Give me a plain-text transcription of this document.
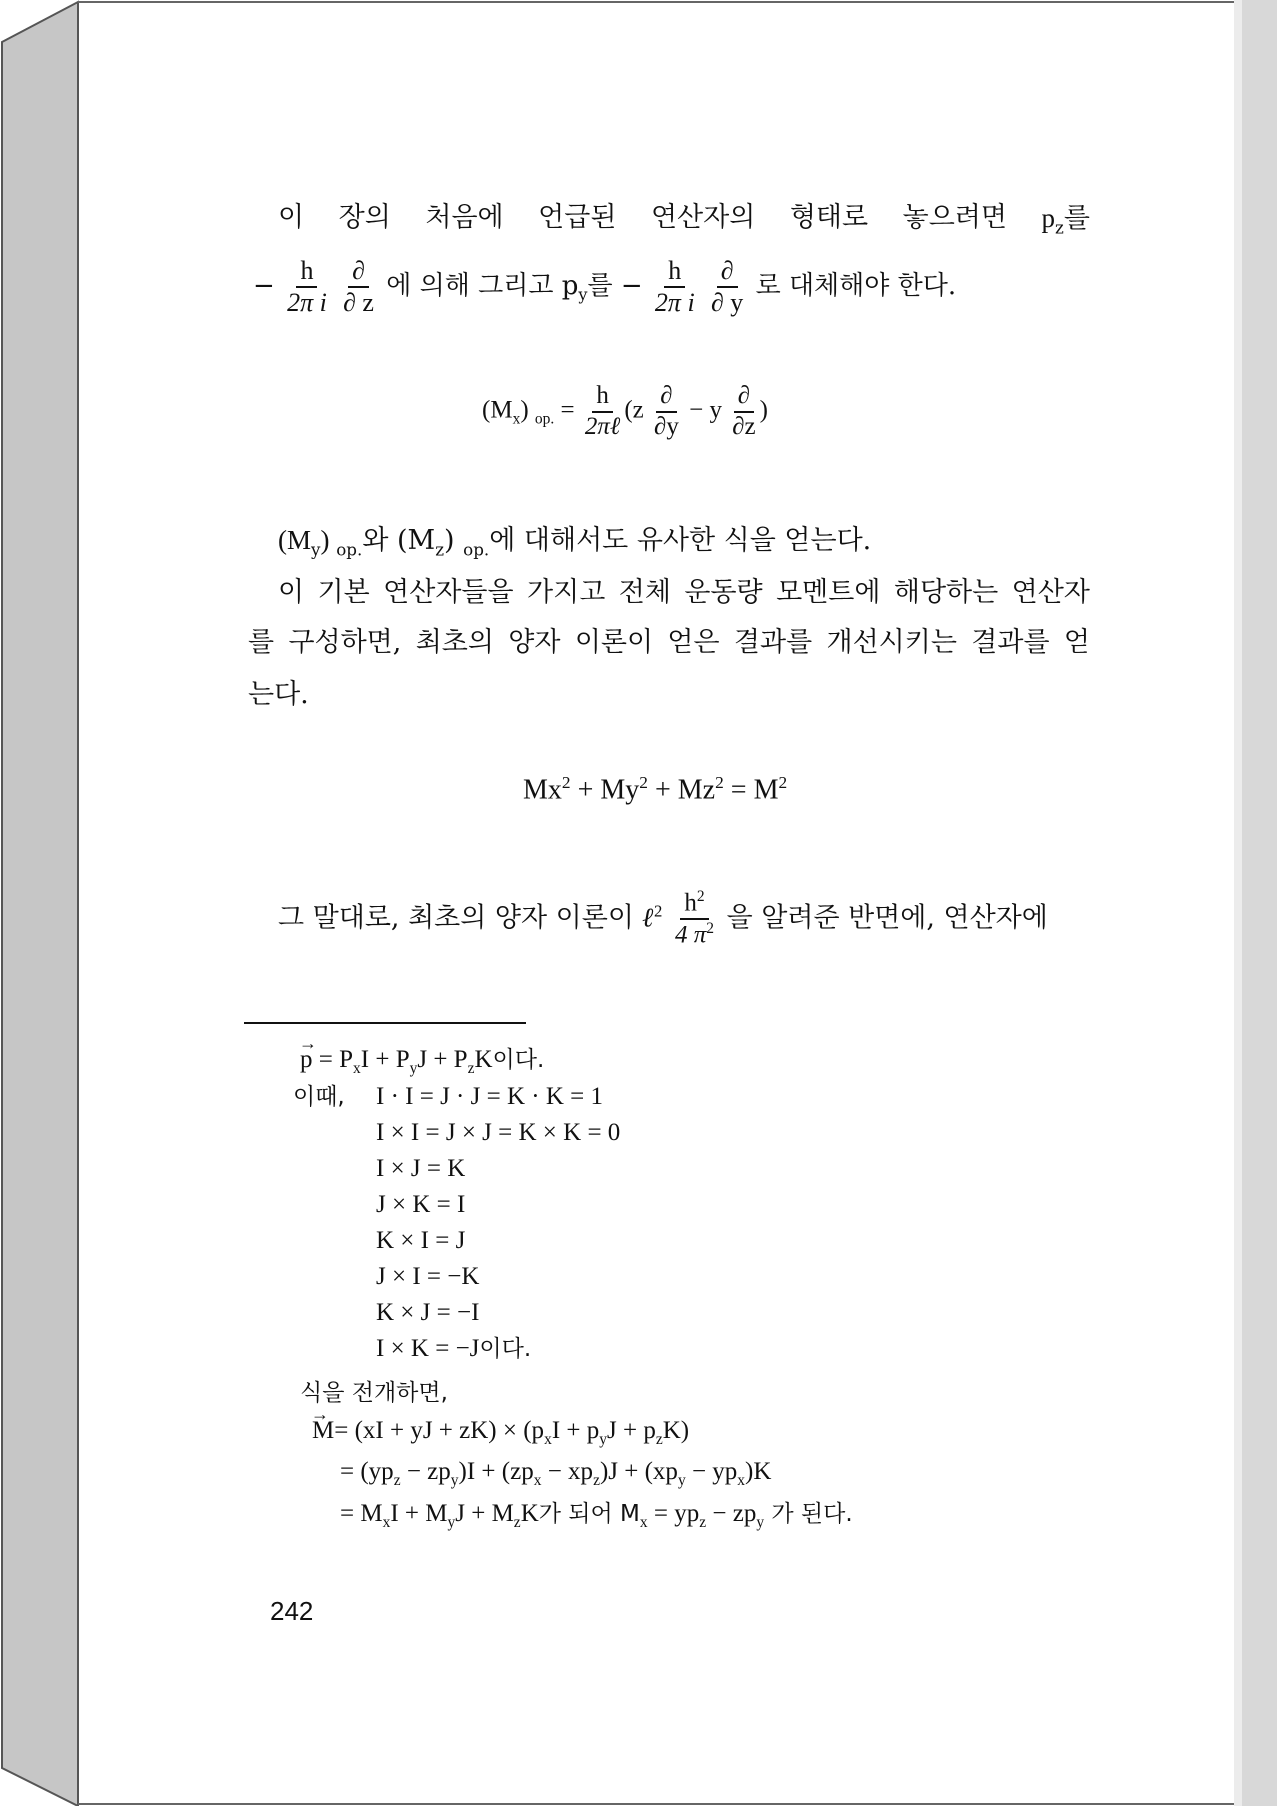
이 장의 처음에 언급된 연산자의 형태로 놓으려면 $p_z$를
− $\frac{h}{\text{2π i}}$
$\frac{\partial}{\partial z}$ 에 의해 그리고 $p_y$를 − $\frac{h}{\text{2π i}}$
$\frac{\partial}{\partial y}$ 로 대체해야 한다.
$(M_x) _{op.} = \frac{h}{\text{2πℓ}} (z \frac{\partial}{\partial y} - y \frac{\partial}{\partial z}$ )
$(M_y)$ $_{op.}$와 $(M_z)$ $_{op.}$에 대해서도 유사한 식을 얻는다.
이 기본 연산자들을 가지고 전체 운동량 모멘트에 해당하는 연산자
를 구성하면, 최초의 양자 이론이 얻은 결과를 개선시키는 결과를 얻
는다.
$Mx^2 + My^2 + Mz^2 = M^2$
그 말대로, 최초의 양자 이론이 ℓ$^2$ $\frac{h^2}{4 \pi^2}$ 을 알려준 반면에, 연산자에
→ $p = P_xI + P_yJ + P_zK$이다.
이때, I · I = J · J = K · K = 1
I × I = J × J = K × K = 0
I × J = K
J × K = I
K × I = J
J × I = −K
K × J = −I
I × K = −J이다.
식을 전개하면,
→ M= (xI + yJ + $zK) \times (p_xI + p_yJ + p_zK)$
= $(yp_z - zp_y)I + (zp_x - xp_z)J + (xp_y - yp_x)K$
= $M_xI + M_yJ + M_zK$가 되어 $M_x = yp_z - zp_y$ 가 된다.
242
